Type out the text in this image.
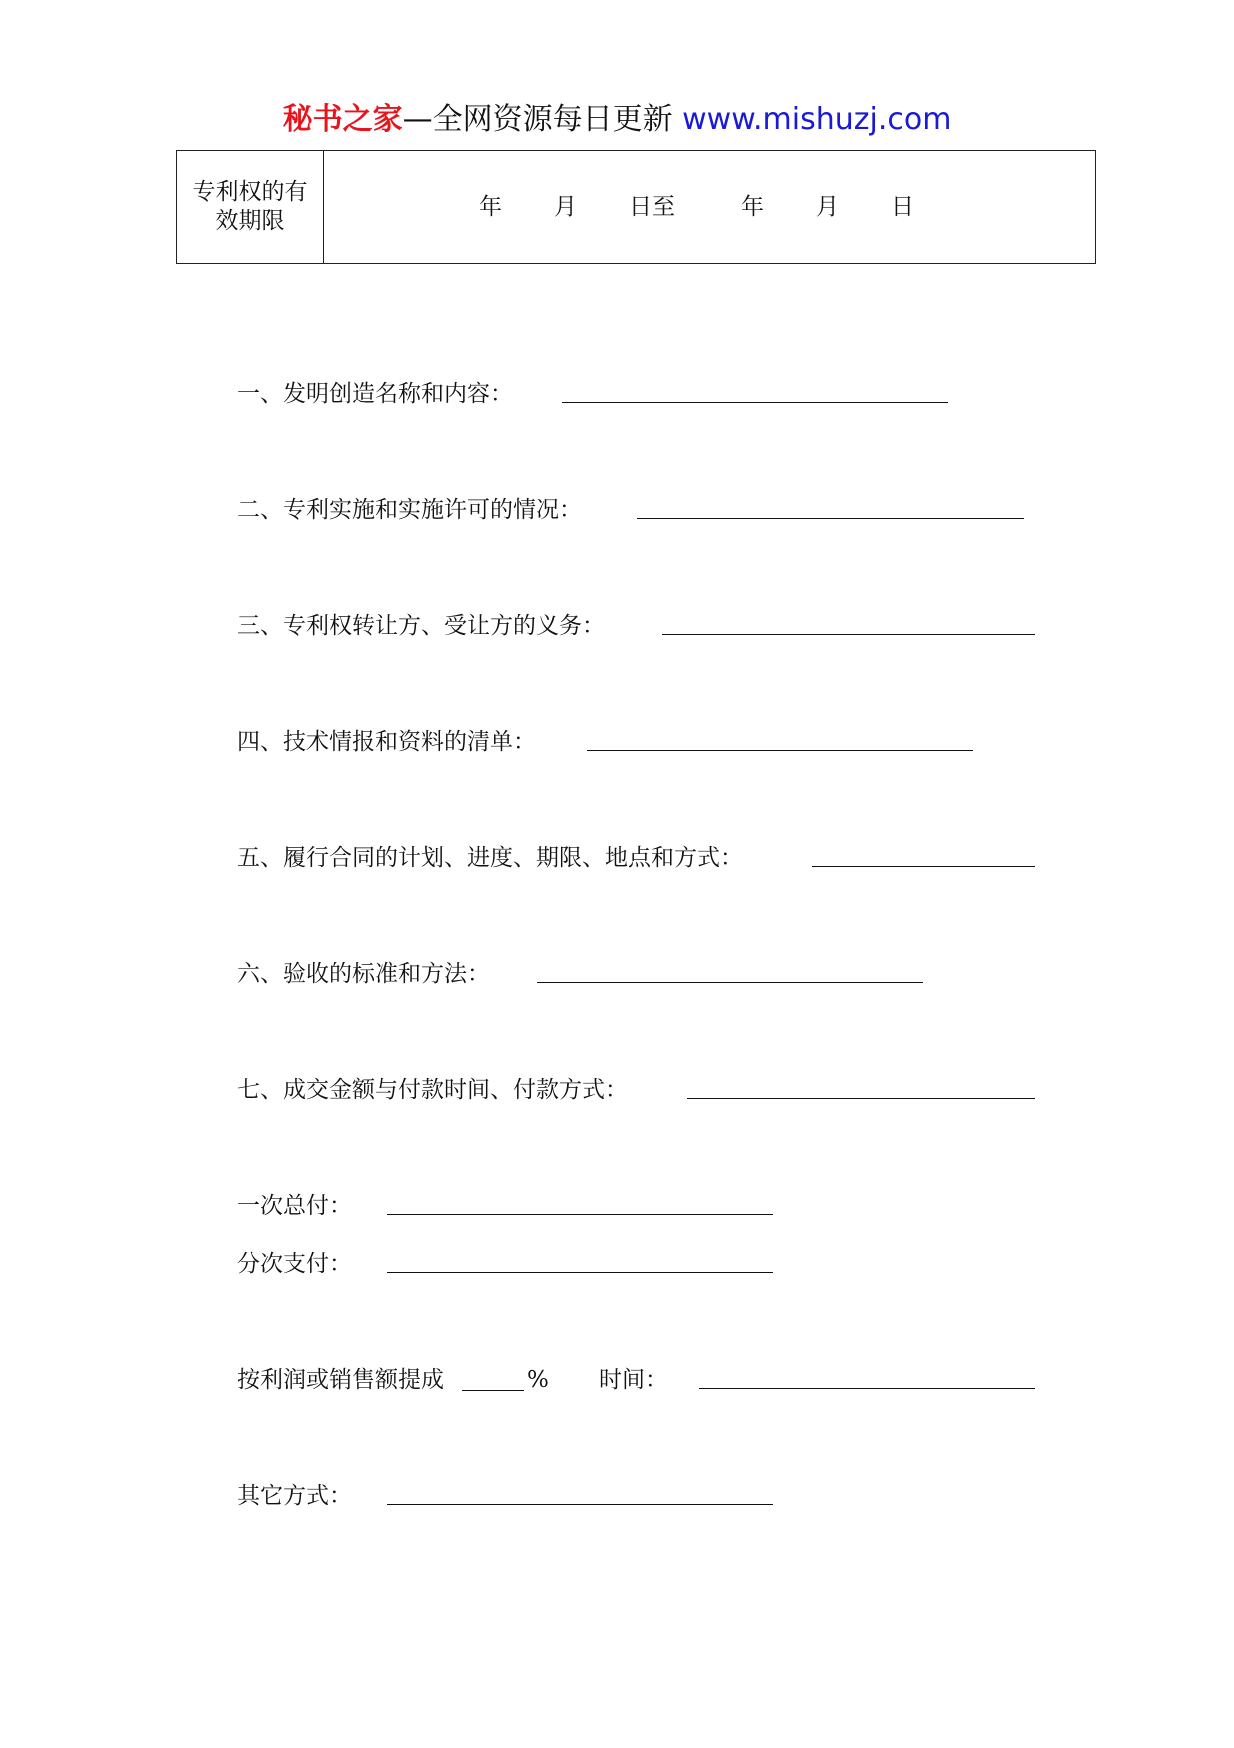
秘书之家—全网资源每日更新 www.mishuzj.com
专利权的有
效期限

年 月 日至	年 月 日
一、发明创造名称和内容：
二、专利实施和实施许可的情况：
三、专利权转让方、受让方的义务：
四、技术情报和资料的清单：
五、履行合同的计划、进度、期限、地点和方式：
六、验收的标准和方法：
七、成交金额与付款时间、付款方式：
一次总付：
分次支付：
按利润或销售额提成	% 时间：
其它方式：
